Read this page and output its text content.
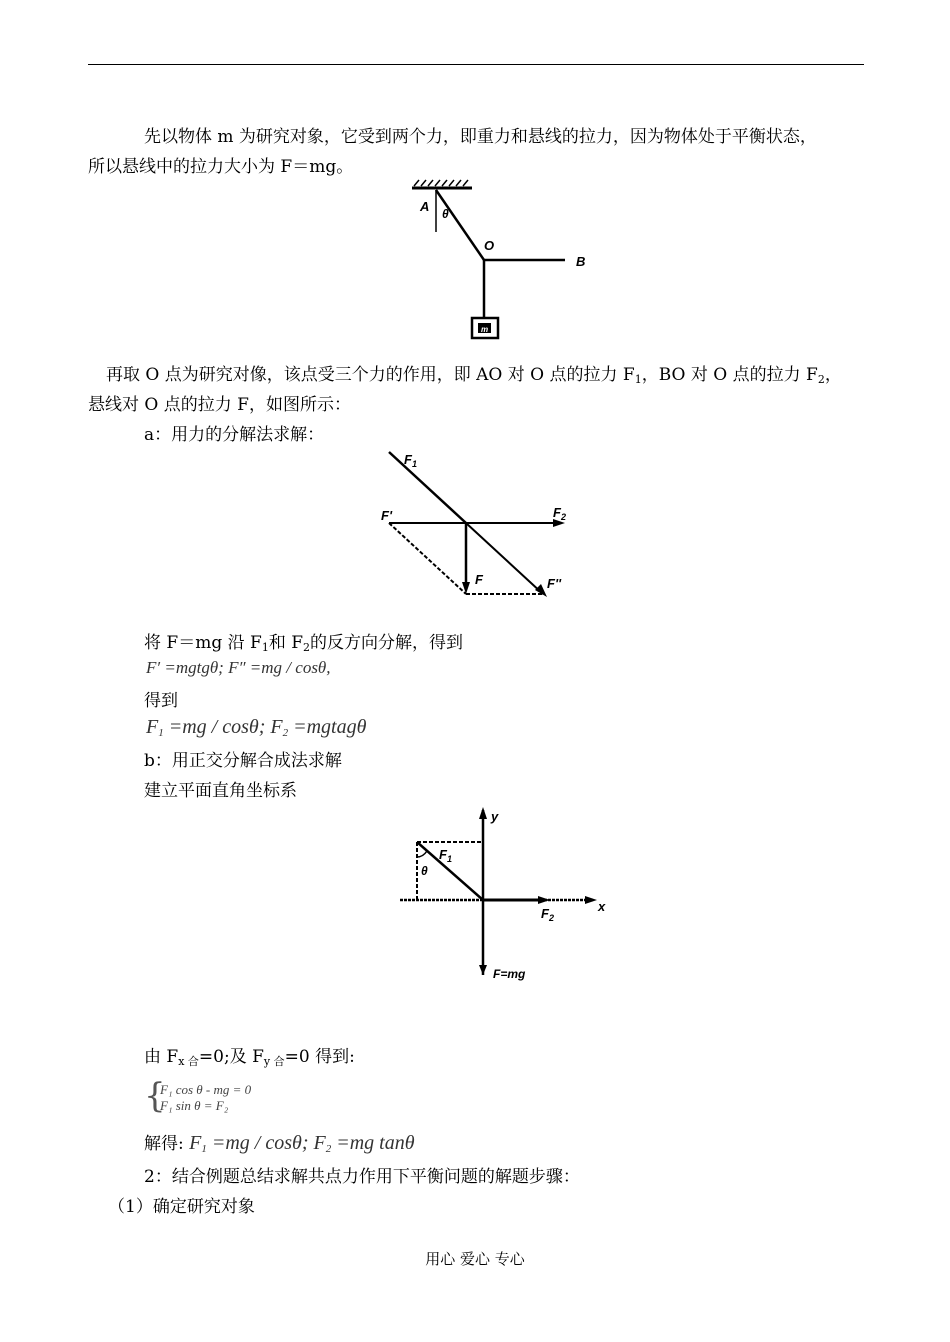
先以物体 m 为研究对象，它受到两个力，即重力和悬线的拉力，因为物体处于平衡状态，
所以悬线中的拉力大小为 F＝mg。
m
A θ
O
B
再取 O 点为研究对像，该点受三个力的作用，即 AO 对 O 点的拉力 $F_1$，BO 对 O 点的拉力 $F_2$，
悬线对 O 点的拉力 F，如图所示：
a：用力的分解法求解：
$F_1$
F'	$F_2$
F	F''
将 F＝mg 沿 $F_1$和 $F_2$的反方向分解，得到
F′ =mgtgθ; F″ =mg / cosθ,
得到
$F_1 =mg / \cos\theta$; $F_2$ =mgtagθ
b：用正交分解合成法求解
建立平面直角坐标系
y
x
$F_1$
θ
$F_2$
F=mg
由 $F_{x 合}=0$;及 $F_{y 合}=0$ 得到:
{
F₁ cos θ - mg = 0
F₁ sin θ = F₂
解得: $F_1 =mg / \cos\theta$; $F_2 =mg$ tanθ
2：结合例题总结求解共点力作用下平衡问题的解题步骤：
（1）确定研究对象
用心 爱心 专心
